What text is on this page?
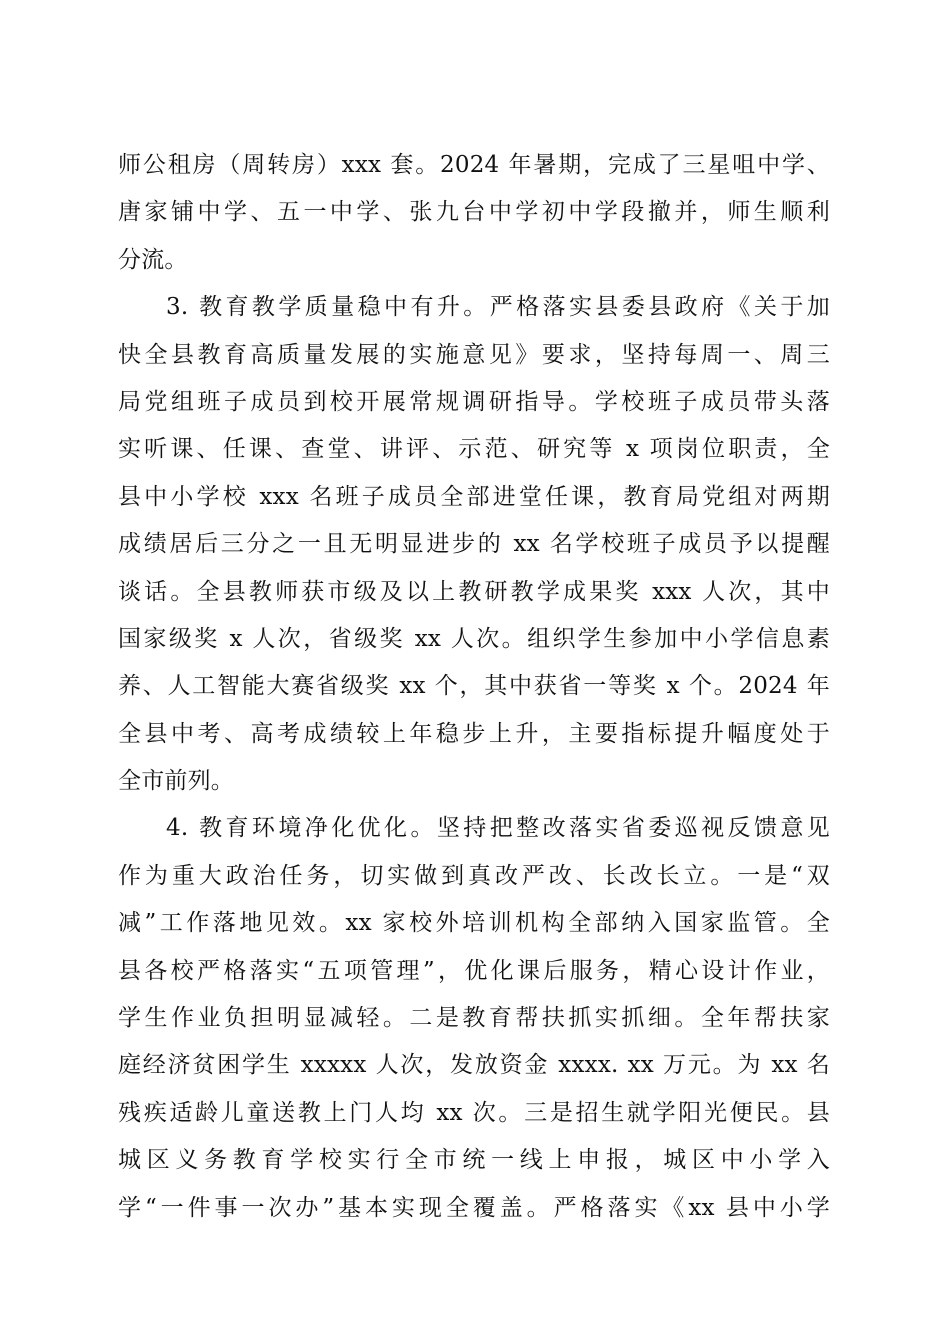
师公租房（周转房）xxx 套。2024 年暑期，完成了三星咀中学、
唐家铺中学、五一中学、张九台中学初中学段撤并，师生顺利
分流。
3. 教育教学质量稳中有升。严格落实县委县政府《关于加
快全县教育高质量发展的实施意见》要求，坚持每周一、周三
局党组班子成员到校开展常规调研指导。学校班子成员带头落
实听课、任课、查堂、讲评、示范、研究等 x 项岗位职责，全
县中小学校 xxx 名班子成员全部进堂任课，教育局党组对两期
成绩居后三分之一且无明显进步的 xx 名学校班子成员予以提醒
谈话。全县教师获市级及以上教研教学成果奖 xxx 人次，其中
国家级奖 x 人次，省级奖 xx 人次。组织学生参加中小学信息素
养、人工智能大赛省级奖 xx 个，其中获省一等奖 x 个。2024 年
全县中考、高考成绩较上年稳步上升，主要指标提升幅度处于
全市前列。
4. 教育环境净化优化。坚持把整改落实省委巡视反馈意见
作为重大政治任务，切实做到真改严改、长改长立。一是“双
减”工作落地见效。xx 家校外培训机构全部纳入国家监管。全
县各校严格落实“五项管理”，优化课后服务，精心设计作业，
学生作业负担明显减轻。二是教育帮扶抓实抓细。全年帮扶家
庭经济贫困学生 xxxxx 人次，发放资金 xxxx. xx 万元。为 xx 名
残疾适龄儿童送教上门人均 xx 次。三是招生就学阳光便民。县
城区义务教育学校实行全市统一线上申报，城区中小学入
学“一件事一次办”基本实现全覆盖。严格落实《xx 县中小学
